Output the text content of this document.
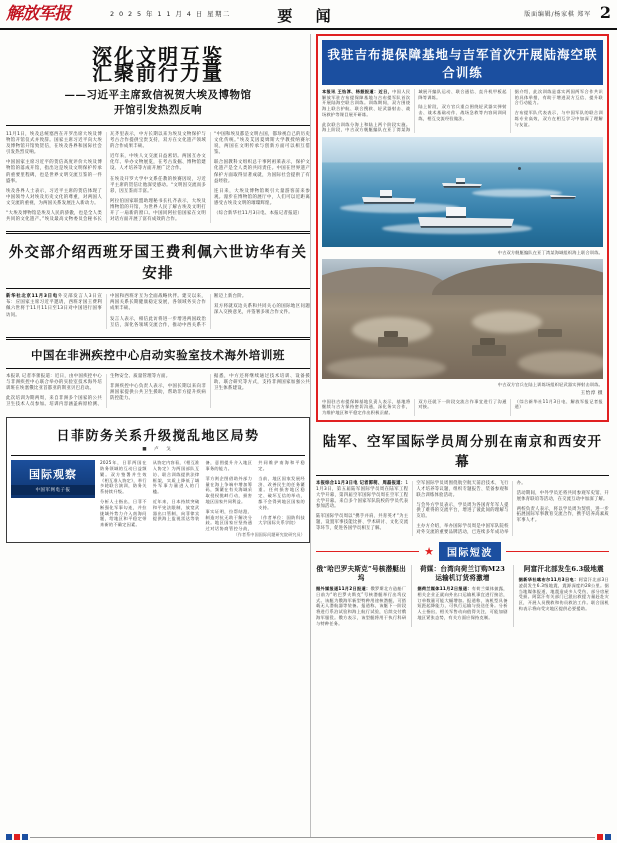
解放军报	2 0 2 5 年 1 1 月 4 日 星期二	要 闻	版面编辑/杨家棋 郑军 2
深化文明互鉴
汇聚前行力量
——习近平主席致信祝贺大埃及博物馆
开馆引发热烈反响

11月1日，埃及总统塞西在开罗出席大埃及博物馆开馆仪式并致辞。国家主席习近平向大埃及博物馆开馆致贺信，在埃及各界和国际社会引发热烈反响。

中国国家主席习近平的贺信高度评价大埃及博物馆的落成开馆，指出这是埃及文明保护传承的重要里程碑，也是世界文明交流互鉴的一件盛事。

埃及各界人士表示，习近平主席的贺信体现了中国领导人对埃及历史文化的尊重，对两国人文交流的重视，为两国关系发展注入新动力。

“大埃及博物馆是埃及人民的骄傲，也是全人类共同的文化遗产。”埃及最高文物委员会秘书长瓦齐里表示，中方长期以来为埃及文物保护与考古合作提供宝贵支持，双方在文化遗产领域的合作成果丰硕。

近年来，中埃人文交流日益密切。两国互办文化年、举办文物展览，在考古发掘、博物馆建设、人才培养等方面开展广泛合作。

在埃及开罗大学中文系任教的侯赛因说，习近平主席的贺信让他深受感动。“文明因交流而多彩，因互鉴而丰富。”

阿拉伯国家联盟助理秘书长扎齐表示，大埃及博物馆的开馆，为世界人民了解古埃及文明打开了一扇新的窗口。中国同阿拉伯国家在文明对话方面开展了富有成效的合作。

“中国和埃及都是文明古国，都珍视自己的历史文化传统。”埃及艾因夏姆斯大学教授纳赛尔说，两国在文明传承与创新方面可以相互借鉴。

联合国教科文组织总干事阿祖莱表示，保护文化遗产是全人类的共同责任。中国在世界遗产保护方面取得显著成就，为国际社会提供了有益经验。

连日来，大埃及博物馆吸引大量游客前来参观。漫步在博物馆的展厅中，人们可以近距离感受古埃及文明的璀璨辉煌。

（综合新华社11月3日电、本报记者报道）

外交部介绍西班牙国王费利佩六世访华有关安排

新华社北京11月3日电外交部发言人3日宣布：应国家主席习近平邀请，西班牙国王费利佩六世将于11月11日至13日对中国进行国事访问。

中国和西班牙互为全面战略伙伴。建交以来，两国关系长期健康稳定发展，各领域务实合作成果丰硕。

发言人表示，相信此访将进一步增进两国政治互信，深化各领域交流合作，推动中西关系不断迈上新台阶。

双方将就双边关系和共同关心的国际地区问题深入交换意见，并签署多项合作文件。

中国在非洲疾控中心启动实验室技术海外培训班

本报讯 记者李蕾报道：近日，由中国疾控中心与非洲疾控中心联合举办的实验室技术海外培训班在埃塞俄比亚首都亚的斯亚贝巴启动。

此次培训为期两周，来自非洲多个国家的公共卫生技术人员参加。培训内容涵盖病原检测、生物安全、质量管理等方面。

非洲疾控中心负责人表示，中国长期以来向非洲国家提供公共卫生援助，帮助非方提升疾病防控能力。

据悉，中方还将继续通过技术培训、设备援助、联合研究等方式，支持非洲国家加强公共卫生体系建设。

日菲防务关系升级搅乱地区局势
■ 卢 戈
国际观察
中国军网电子报

2025年，日菲两国在防务领域的互动日益频繁。双方签署并生效《相互准入协定》，举行多轮联合演训，防务关系持续升级。

分析人士指出，日菲不断强化军事勾连，并拉拢域外势力介入南海问题，给地区和平稳定带来新的不确定因素。

从协定内容看，《相互准入协定》为两国部队互访、联合训练提供法律框架，实质上降低了域外军事力量进入的门槛。

近年来，日本持续突破和平宪法限制，放宽武器出口管制，向菲律宾提供海上监视雷达等装备，意图提升介入地区事务的能力。

菲方则企图借助外部力量在海上争端中增加筹码，频繁在有关海域采取侵权挑衅行动，损害地区国家共同利益。

事实证明，拉帮结派、制造对抗无助于解决分歧。地区国家应坚持通过对话协商管控分歧，共同维护南海和平稳定。

当前，地区国家发展经济、改善民生的任务繁重。任何损害地区稳定、破坏互信的举动，都不会得到地区国家的支持。

（作者单位：国防科技大学国际关系学院）

（作者系中国国际问题研究院研究员）
我驻吉布提保障基地与吉军首次开展陆海空联合训练

本报讯 王怡淳、杨振报道：近日，中国人民解放军驻吉布提保障基地与吉布提军队首次开展陆海空联合训练。训练期间，双方围绕海上联合护航、联合搜救、轻武器射击、战场救护等课目展开研练。

此次联合训练分海上和陆上两个阶段实施。海上阶段，中吉双方舰艇编队在亚丁湾某海域展开编队运动、联合通信、直升机甲板起降等训练。

陆上阶段，双方官兵重点围绕轻武器实弹射击、战术基础动作、战场急救等内容同训同练，相互交流经验做法。

据介绍，此次训练是落实两国两军合作共识的具体举措，有助于增进双方互信、提升联合行动能力。

吉布提军队代表表示，与中国军队的联合训练专业高效，双方在相互学习中加深了理解与友谊。

中吉双方舰艇编队在亚丁湾某海域组织海上联合训练。
中吉双方官兵在陆上训练场组织轻武器实弹射击训练。
王怡淳 摄

中国驻吉布提保障基地负责人表示，基地将继续与吉方保持密切沟通，深化务实合作，为维护地区和平稳定作出积极贡献。

双方还就下一阶段交流合作事宜进行了沟通对接。

（综合新华社11月3日电、解放军报记者报道）

陆军、空军国际学员周分别在南京和西安开幕

本报综合11月3日电 记者郭萌、周磊报道：11月3日，第五届陆军国际学员周在陆军工程大学开幕，第四届空军国际学员周在空军工程大学开幕。来自多个国家军队院校的学员代表参加活动。

陆军国际学员周以“携手并肩、共育英才”为主题，设置军事技能比拼、学术研讨、文化交流等环节，促进各国学员相互了解。

空军国际学员周围绕航空航天前沿技术、飞行人才培养等议题，组织专题报告、装备参观和联合训练体验活动。

与会外方学员表示，学员周为各国青年军人提供了难得的交流平台，增进了彼此间的理解与友谊。

主办方介绍，举办国际学员周是中国军队院校对外交流的重要品牌活动，已连续多年成功举办。

活动期间，中外学员还将共同参观军史馆、开展体育联谊等活动，在交流互动中加深了解。

两校负责人表示，将以学员周为契机，进一步拓展国际军事教育交流合作，携手培养高素质军事人才。

★	国际短波
俄“哈巴罗夫斯克”号核潜艇出坞
据外媒报道11月2日报道：俄罗斯北方造船厂日前为“哈巴罗夫斯克”号核潜艇举行出坞仪式。该艇为俄海军新型特种用途核潜艇，可搭载无人潜航器等装备。报道称，该艇下一阶段将进行系泊试验和海上航行试验，后续交付俄海军服役。俄方表示，该型艇将用于执行科研与特种任务。
荷媒：台湾向荷兰订购M23运输机订货将激增
据荷兰媒体11月2日报道：有荷兰媒体披露，相关企业正就向外出口运输机事宜进行接洽，订单数量可能大幅增加。报道称，该机型具备短距起降能力，可执行运输与投送任务。分析人士指出，相关军售动向值得关注，可能加剧地区紧张态势，有关方面应保持克制。
阿富汗北部发生6.3级地震
据新华社喀布尔11月3日电：阿富汗北部3日凌晨发生6.3级地震，震源深度约28公里。据当地媒体报道，地震造成多人受伤，部分房屋受损。阿富汗有关部门已派出救援力量赶赴灾区，开展人员搜救和伤员救治工作。联合国机构表示将向受灾地区提供必要援助。
